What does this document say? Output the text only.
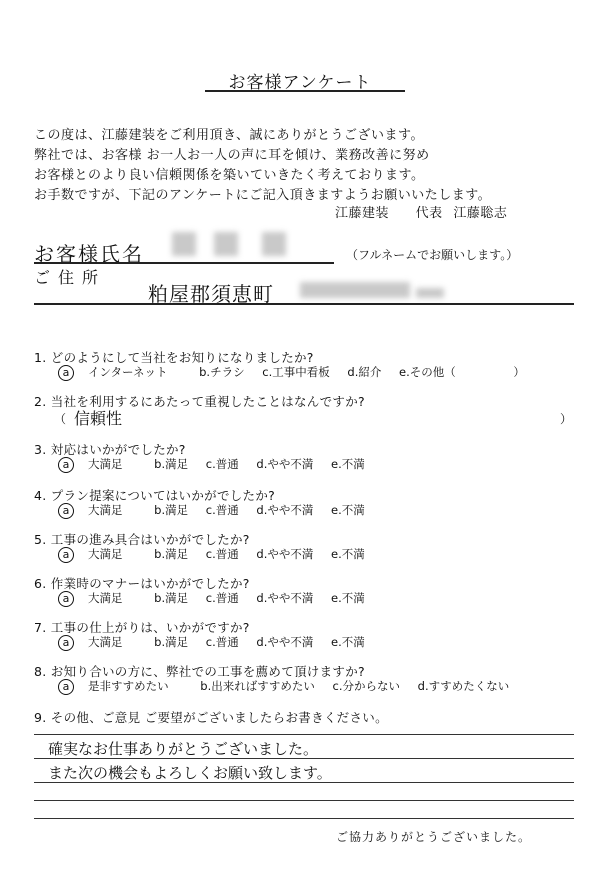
お客様アンケート
この度は、江藤建装をご利用頂き、誠にありがとうございます。
弊社では、お客様 お一人お一人の声に耳を傾け、業務改善に努め
お客様とのより良い信頼関係を築いていきたく考えております。
お手数ですが、下記のアンケートにご記入頂きますようお願いいたします。
江藤建装 代表 江藤聡志
お客様氏名	（フルネームでお願いします。）
ご住所
粕屋郡須恵町
1. どのようにして当社をお知りになりましたか?
a インターネット	b.チラシ c.工事中看板 d.紹介 e.その他（	）
2. 当社を利用するにあたって重視したことはなんですか?
（ 信頼性	）
3. 対応はいかがでしたか?
a 大満足	b.満足 c.普通 d.やや不満 e.不満
4. プラン提案についてはいかがでしたか?
a 大満足	b.満足 c.普通 d.やや不満 e.不満
5. 工事の進み具合はいかがでしたか?
a 大満足	b.満足 c.普通 d.やや不満 e.不満
6. 作業時のマナーはいかがでしたか?
a 大満足	b.満足 c.普通 d.やや不満 e.不満
7. 工事の仕上がりは、いかがですか?
a 大満足	b.満足 c.普通 d.やや不満 e.不満
8. お知り合いの方に、弊社での工事を薦めて頂けますか?
a 是非すすめたい	b.出来ればすすめたい c.分からない d.すすめたくない
9. その他、ご意見 ご要望がございましたらお書きください。
確実なお仕事ありがとうございました。
また次の機会もよろしくお願い致します。
ご協力ありがとうございました。
